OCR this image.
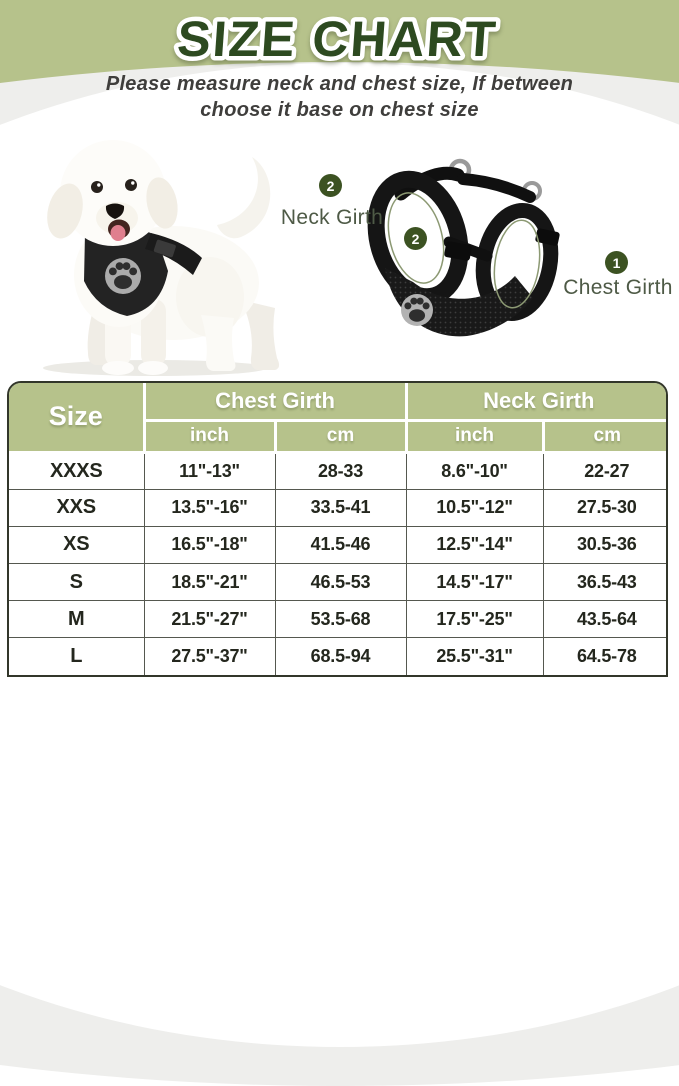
SIZE CHART
Please measure neck and chest size, If between
choose it base on chest size
2
Neck Girth
2
1
Chest Girth
Size	Chest Girth		Neck Girth	
	inch	cm	inch	cm
XXXS	11"-13"	28-33	8.6"-10"	22-27
XXS	13.5"-16"	33.5-41	10.5"-12"	27.5-30
XS	16.5"-18"	41.5-46	12.5"-14"	30.5-36
S	18.5"-21"	46.5-53	14.5"-17"	36.5-43
M	21.5"-27"	53.5-68	17.5"-25"	43.5-64
L	27.5"-37"	68.5-94	25.5"-31"	64.5-78
